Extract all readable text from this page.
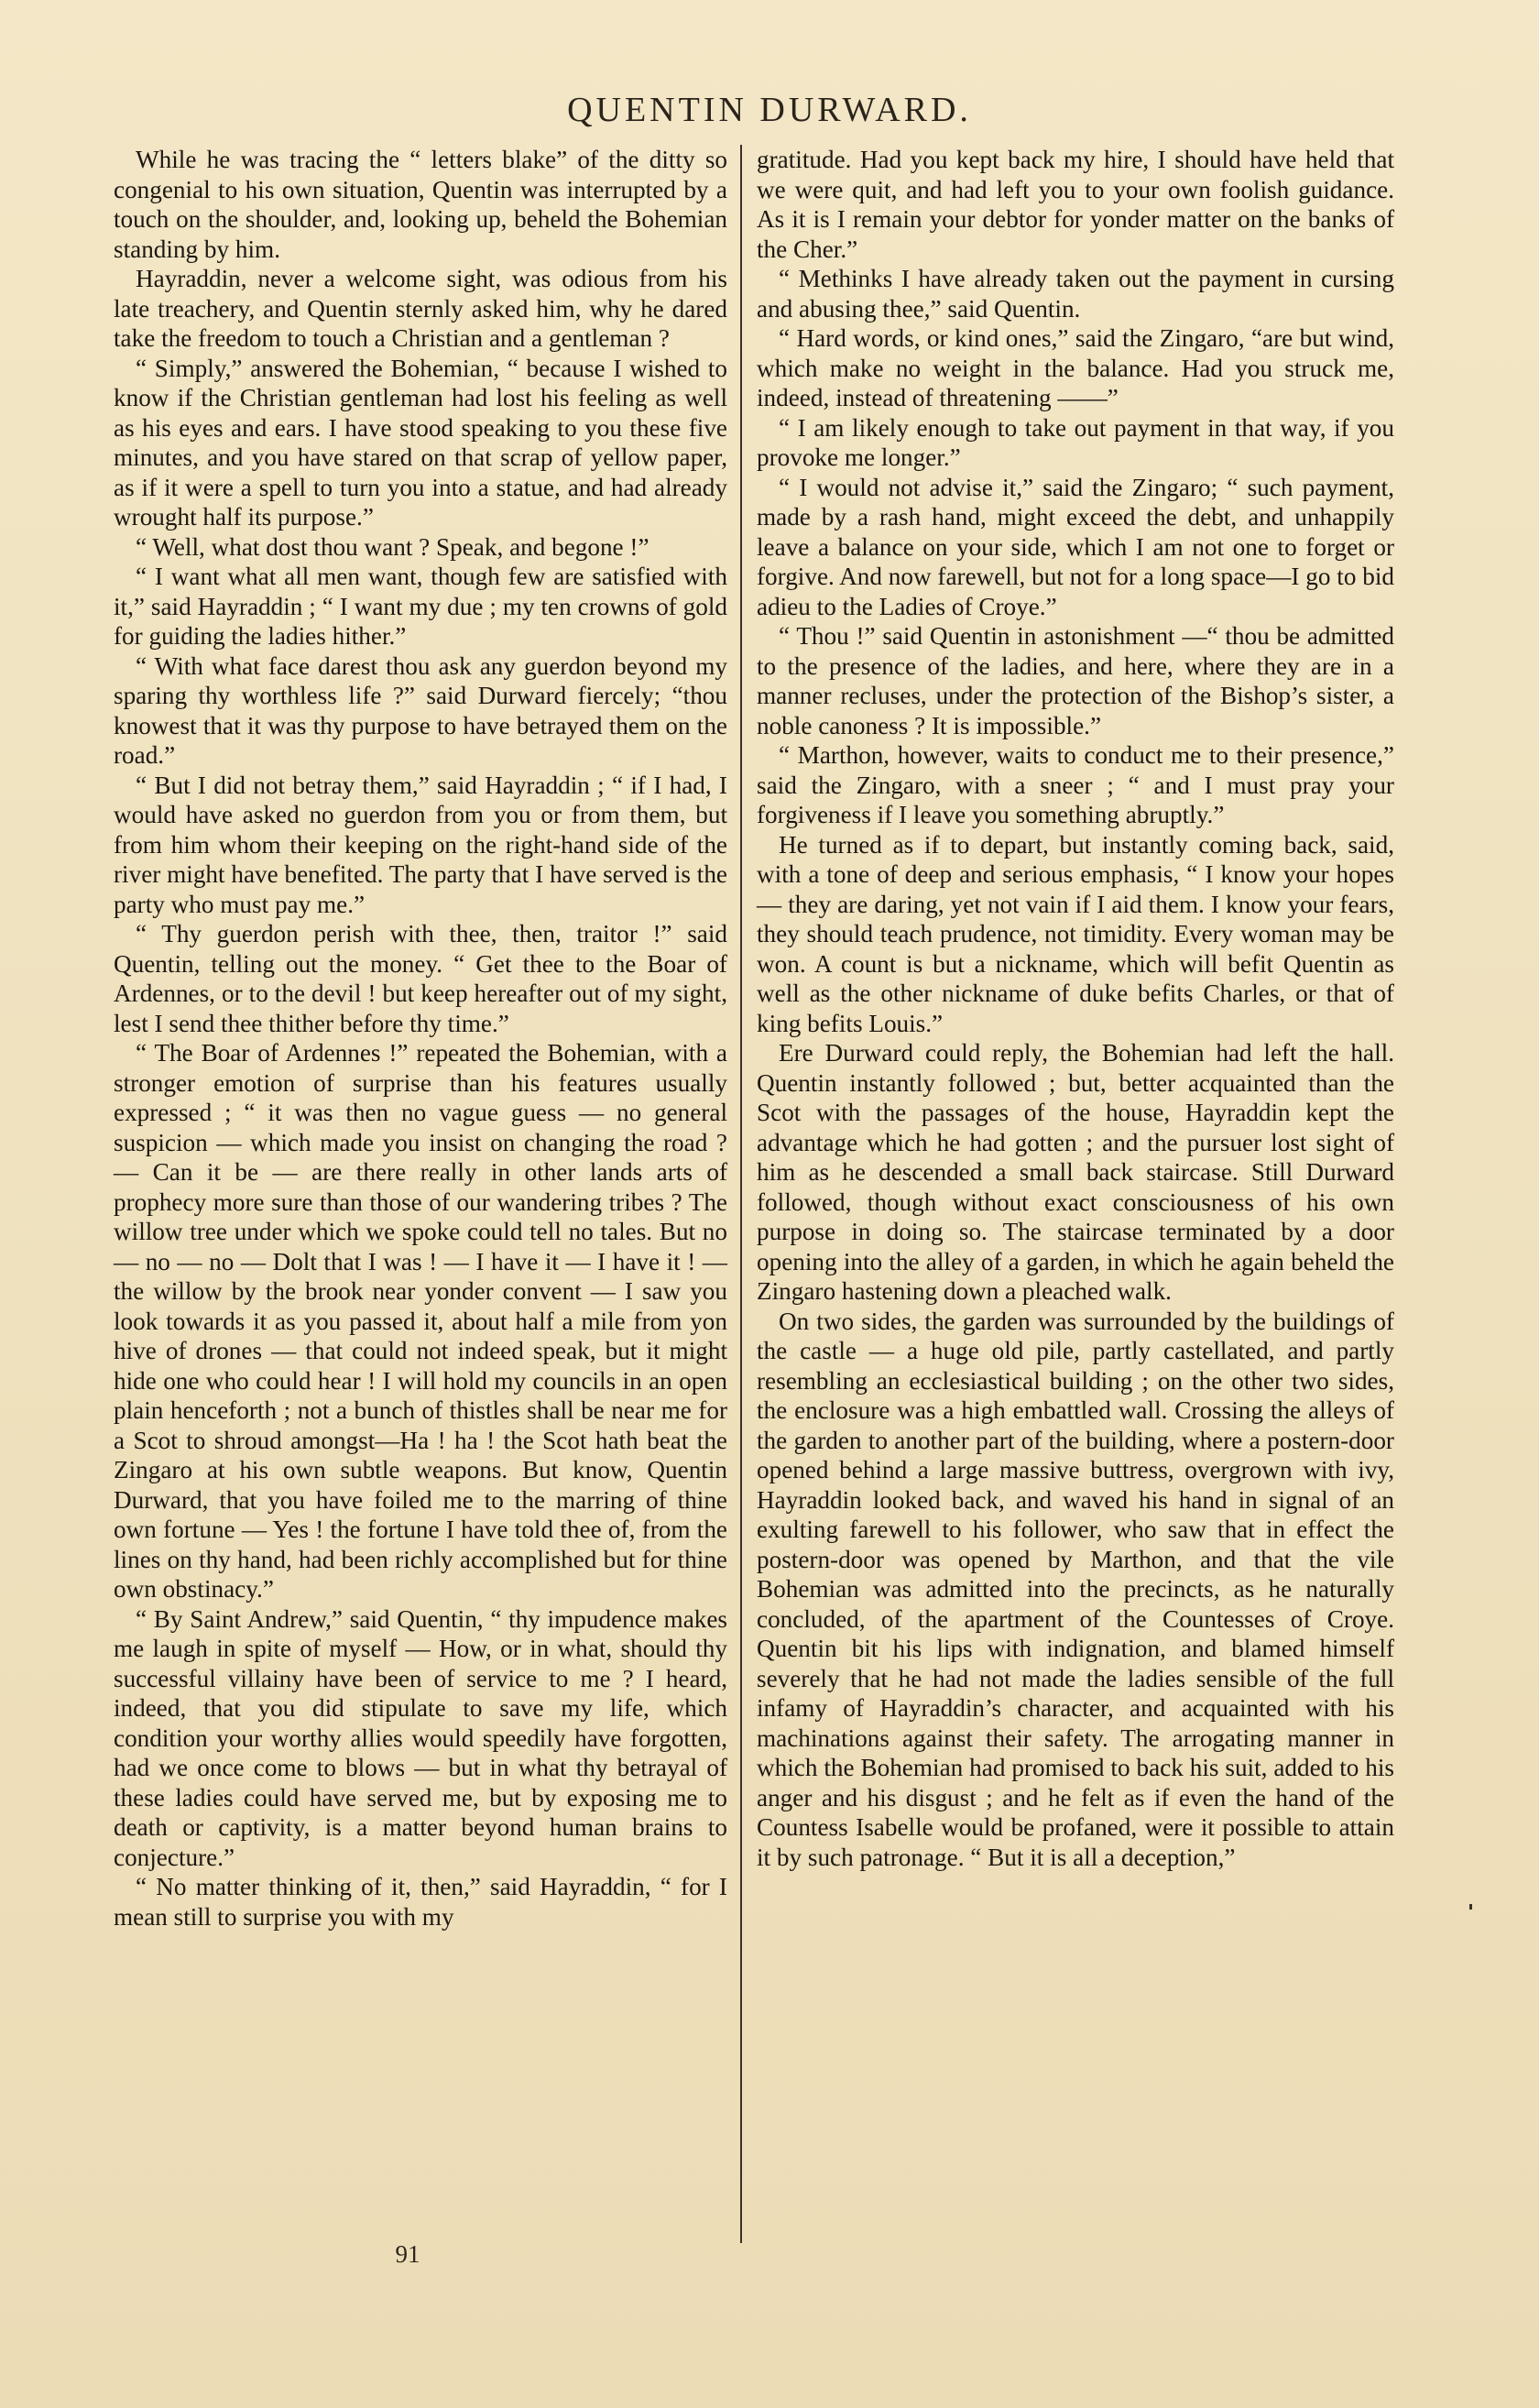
QUENTIN DURWARD.

While he was tracing the “ letters blake” of the ditty so congenial to his own situation, Quentin was interrupted by a touch on the shoulder, and, looking up, beheld the Bohemian standing by him.

Hayraddin, never a welcome sight, was odious from his late treachery, and Quentin sternly asked him, why he dared take the freedom to touch a Christian and a gentleman ?

“ Simply,” answered the Bohemian, “ because I wished to know if the Christian gentleman had lost his feeling as well as his eyes and ears. I have stood speaking to you these five minutes, and you have stared on that scrap of yellow paper, as if it were a spell to turn you into a statue, and had already wrought half its purpose.”

“ Well, what dost thou want ? Speak, and begone !”

“ I want what all men want, though few are satisfied with it,” said Hayraddin ; “ I want my due ; my ten crowns of gold for guiding the ladies hither.”

“ With what face darest thou ask any guerdon beyond my sparing thy worthless life ?” said Durward fiercely; “thou knowest that it was thy purpose to have betrayed them on the road.”

“ But I did not betray them,” said Hayraddin ; “ if I had, I would have asked no guerdon from you or from them, but from him whom their keeping on the right-hand side of the river might have benefited. The party that I have served is the party who must pay me.”

“ Thy guerdon perish with thee, then, traitor !” said Quentin, telling out the money. “ Get thee to the Boar of Ardennes, or to the devil ! but keep hereafter out of my sight, lest I send thee thither before thy time.”

“ The Boar of Ardennes !” repeated the Bohemian, with a stronger emotion of surprise than his features usually expressed ; “ it was then no vague guess — no general suspicion — which made you insist on changing the road ? — Can it be — are there really in other lands arts of prophecy more sure than those of our wandering tribes ? The willow tree under which we spoke could tell no tales. But no — no — no — Dolt that I was ! — I have it — I have it ! — the willow by the brook near yonder convent — I saw you look towards it as you passed it, about half a mile from yon hive of drones — that could not indeed speak, but it might hide one who could hear ! I will hold my councils in an open plain henceforth ; not a bunch of thistles shall be near me for a Scot to shroud amongst—Ha ! ha ! the Scot hath beat the Zingaro at his own subtle weapons. But know, Quentin Durward, that you have foiled me to the marring of thine own fortune — Yes ! the fortune I have told thee of, from the lines on thy hand, had been richly accomplished but for thine own obstinacy.”

“ By Saint Andrew,” said Quentin, “ thy impudence makes me laugh in spite of myself — How, or in what, should thy successful villainy have been of service to me ? I heard, indeed, that you did stipulate to save my life, which condition your worthy allies would speedily have forgotten, had we once come to blows — but in what thy betrayal of these ladies could have served me, but by exposing me to death or captivity, is a matter beyond human brains to conjecture.”

“ No matter thinking of it, then,” said Hayraddin, “ for I mean still to surprise you with my

gratitude. Had you kept back my hire, I should have held that we were quit, and had left you to your own foolish guidance. As it is I remain your debtor for yonder matter on the banks of the Cher.”

“ Methinks I have already taken out the payment in cursing and abusing thee,” said Quentin.

“ Hard words, or kind ones,” said the Zingaro, “are but wind, which make no weight in the balance. Had you struck me, indeed, instead of threatening ——”

“ I am likely enough to take out payment in that way, if you provoke me longer.”

“ I would not advise it,” said the Zingaro; “ such payment, made by a rash hand, might exceed the debt, and unhappily leave a balance on your side, which I am not one to forget or forgive. And now farewell, but not for a long space—I go to bid adieu to the Ladies of Croye.”

“ Thou !” said Quentin in astonishment —“ thou be admitted to the presence of the ladies, and here, where they are in a manner recluses, under the protection of the Bishop’s sister, a noble canoness ? It is impossible.”

“ Marthon, however, waits to conduct me to their presence,” said the Zingaro, with a sneer ; “ and I must pray your forgiveness if I leave you something abruptly.”

He turned as if to depart, but instantly coming back, said, with a tone of deep and serious emphasis, “ I know your hopes — they are daring, yet not vain if I aid them. I know your fears, they should teach prudence, not timidity. Every woman may be won. A count is but a nickname, which will befit Quentin as well as the other nickname of duke befits Charles, or that of king befits Louis.”

Ere Durward could reply, the Bohemian had left the hall. Quentin instantly followed ; but, better acquainted than the Scot with the passages of the house, Hayraddin kept the advantage which he had gotten ; and the pursuer lost sight of him as he descended a small back staircase. Still Durward followed, though without exact consciousness of his own purpose in doing so. The staircase terminated by a door opening into the alley of a garden, in which he again beheld the Zingaro hastening down a pleached walk.

On two sides, the garden was surrounded by the buildings of the castle — a huge old pile, partly castellated, and partly resembling an ecclesiastical building ; on the other two sides, the enclosure was a high embattled wall. Crossing the alleys of the garden to another part of the building, where a postern-door opened behind a large massive buttress, overgrown with ivy, Hayraddin looked back, and waved his hand in signal of an exulting farewell to his follower, who saw that in effect the postern-door was opened by Marthon, and that the vile Bohemian was admitted into the precincts, as he naturally concluded, of the apartment of the Countesses of Croye. Quentin bit his lips with indignation, and blamed himself severely that he had not made the ladies sensible of the full infamy of Hayraddin’s character, and acquainted with his machinations against their safety. The arrogating manner in which the Bohemian had promised to back his suit, added to his anger and his disgust ; and he felt as if even the hand of the Countess Isabelle would be profaned, were it possible to attain it by such patronage. “ But it is all a deception,”

91
